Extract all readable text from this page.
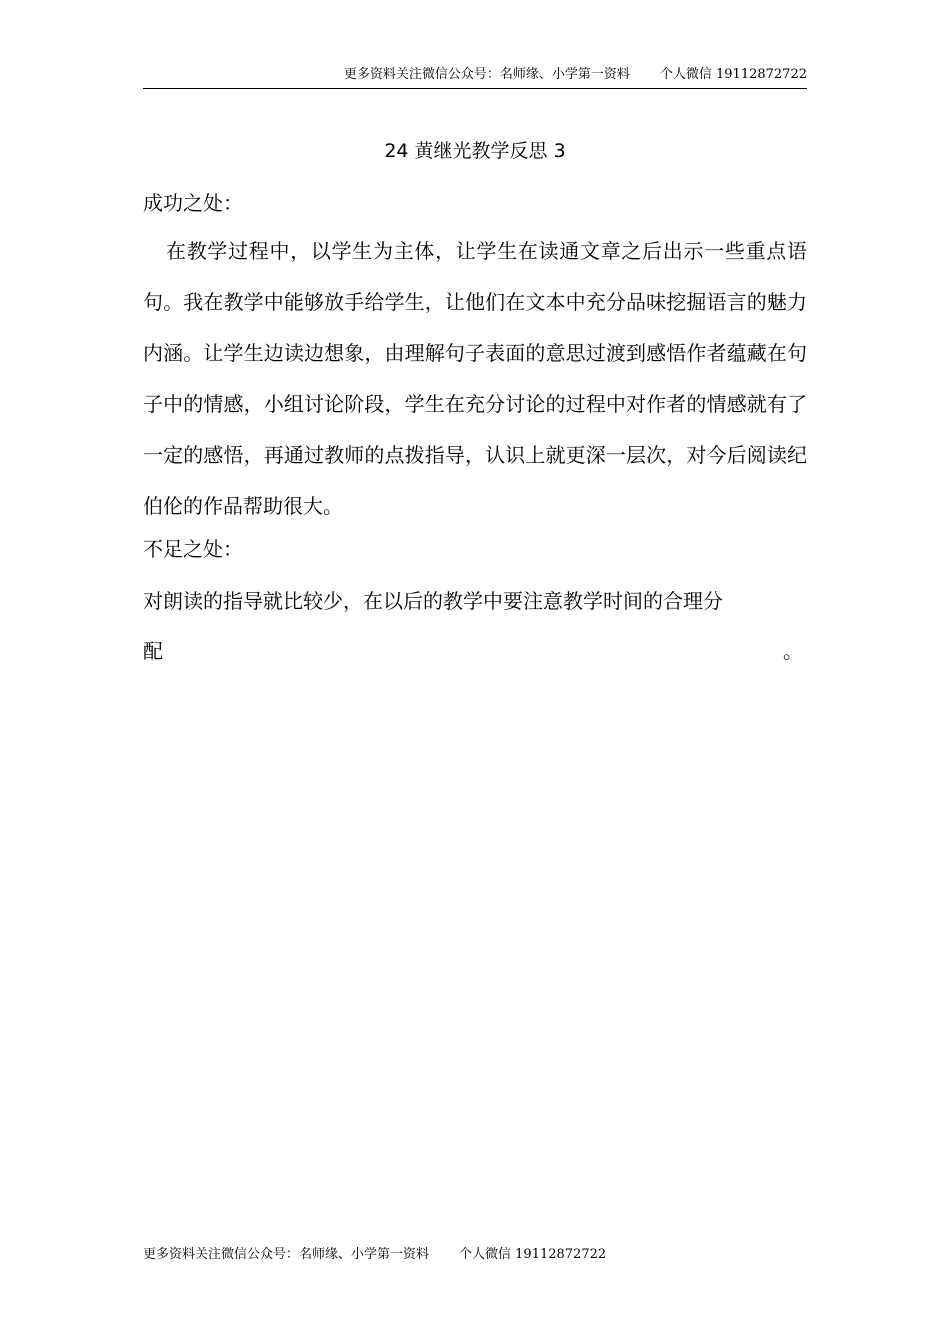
更多资料关注微信公众号：名师缘、小学第一资料 个人微信 19112872722
24 黄继光教学反思 3
成功之处：
在教学过程中，以学生为主体，让学生在读通文章之后出示一些重点语句。我在教学中能够放手给学生，让他们在文本中充分品味挖掘语言的魅力内涵。让学生边读边想象，由理解句子表面的意思过渡到感悟作者蕴藏在句子中的情感，小组讨论阶段，学生在充分讨论的过程中对作者的情感就有了一定的感悟，再通过教师的点拨指导，认识上就更深一层次，对今后阅读纪伯伦的作品帮助很大。
不足之处：
对朗读的指导就比较少，在以后的教学中要注意教学时间的合理分
配	。
更多资料关注微信公众号：名师缘、小学第一资料 个人微信 19112872722
